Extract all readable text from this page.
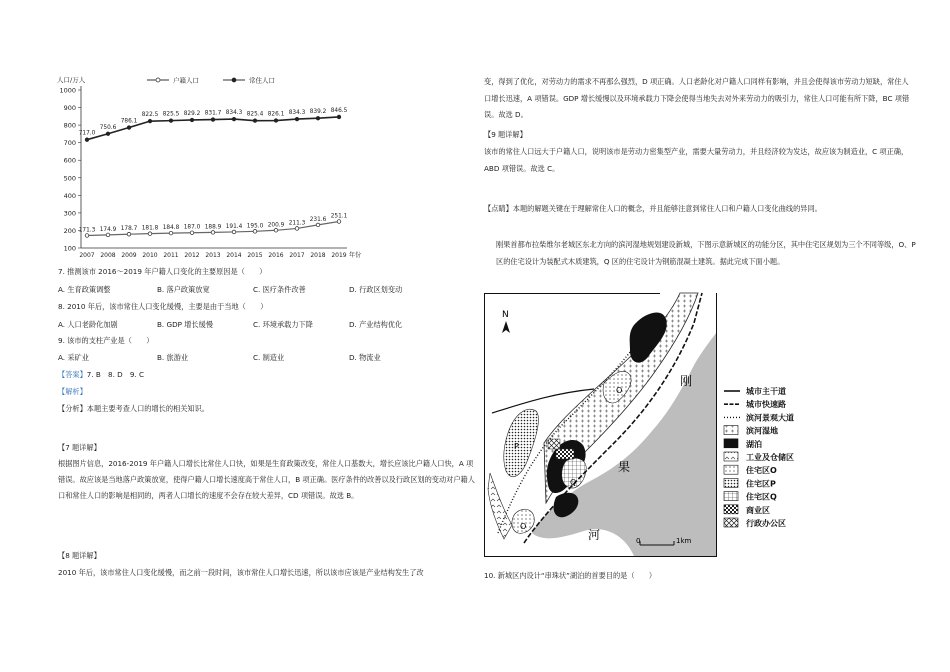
100
200
300
400
500
600
700
800
900
1000
2007 2008 2009 2010 2011 2012 2013 2014 2015 2016 2017 2018 2019 年份
人口/万人
171.3 174.9 178.7 181.8 184.8 187.0 188.9 191.4 195.0 200.9 211.3
231.6
251.1
717.0
750.6
786.1
822.5 825.5 829.2 831.7 834.3 825.4 826.1 834.3 839.2 846.5
户籍人口	常住人口
7. 推测该市 2016～2019 年户籍人口变化的主要原因是（　　）
A. 生育政策调整	B. 落户政策放宽	C. 医疗条件改善	D. 行政区划变动
8. 2010 年后，该市常住人口变化缓慢，主要是由于当地（　　）
A. 人口老龄化加剧	B. GDP 增长缓慢	C. 环境承载力下降	D. 产业结构优化
9. 该市的支柱产业是（　　）
A. 采矿业	B. 旅游业	C. 制造业	D. 物流业
【答案】7. B　8. D　9. C
【解析】
【分析】本题主要考查人口的增长的相关知识。
【7 题详解】
根据图片信息，2016-2019 年户籍人口增长比常住人口快，如果是生育政策改变，常住人口基数大，增长应该比户籍人口快，A 项错误。故应该是当地落户政策放宽，使得户籍人口增长速度高于常住人口，B 项正确。医疗条件的改善以及行政区划的变动对户籍人口和常住人口的影响是相同的，两者人口增长的速度不会存在较大差异，CD 项错误。故选 B。
【8 题详解】
2010 年后，该市常住人口变化缓慢，而之前一段时间，该市常住人口增长迅速，所以该市应该是产业结构发生了改
变，得到了优化，对劳动力的需求不再那么强烈，D 项正确。人口老龄化对户籍人口同样有影响，并且会使得该市劳动力短缺，常住人口增长迅速，A 项错误。GDP 增长缓慢以及环境承载力下降会使得当地失去对外来劳动力的吸引力，常住人口可能有所下降，BC 项错误。故选 D。
【9 题详解】
该市的常住人口远大于户籍人口，说明该市是劳动力密集型产业，需要大量劳动力，并且经济较为发达，故应该为制造业，C 项正确，ABD 项错误。故选 C。
【点睛】本题的解题关键在于理解常住人口的概念，并且能够注意到常住人口和户籍人口变化曲线的异同。
刚果首都布拉柴维尔老城区东北方向的滨河湿地规划建设新城，下图示意新城区的功能分区，其中住宅区规划为三个不同等级，O、P 区的住宅设计为装配式木质建筑，Q 区的住宅设计为钢筋混凝土建筑。据此完成下面小题。
N
刚
果
河
O
P
Q
O
0	1km
城市主干道
城市快速路
滨河景观大道
滨河湿地
湖泊
工业及仓储区
住宅区O
住宅区P
住宅区Q
商业区
行政办公区
10. 新城区内设计“串珠状”湖泊的首要目的是（　　）
